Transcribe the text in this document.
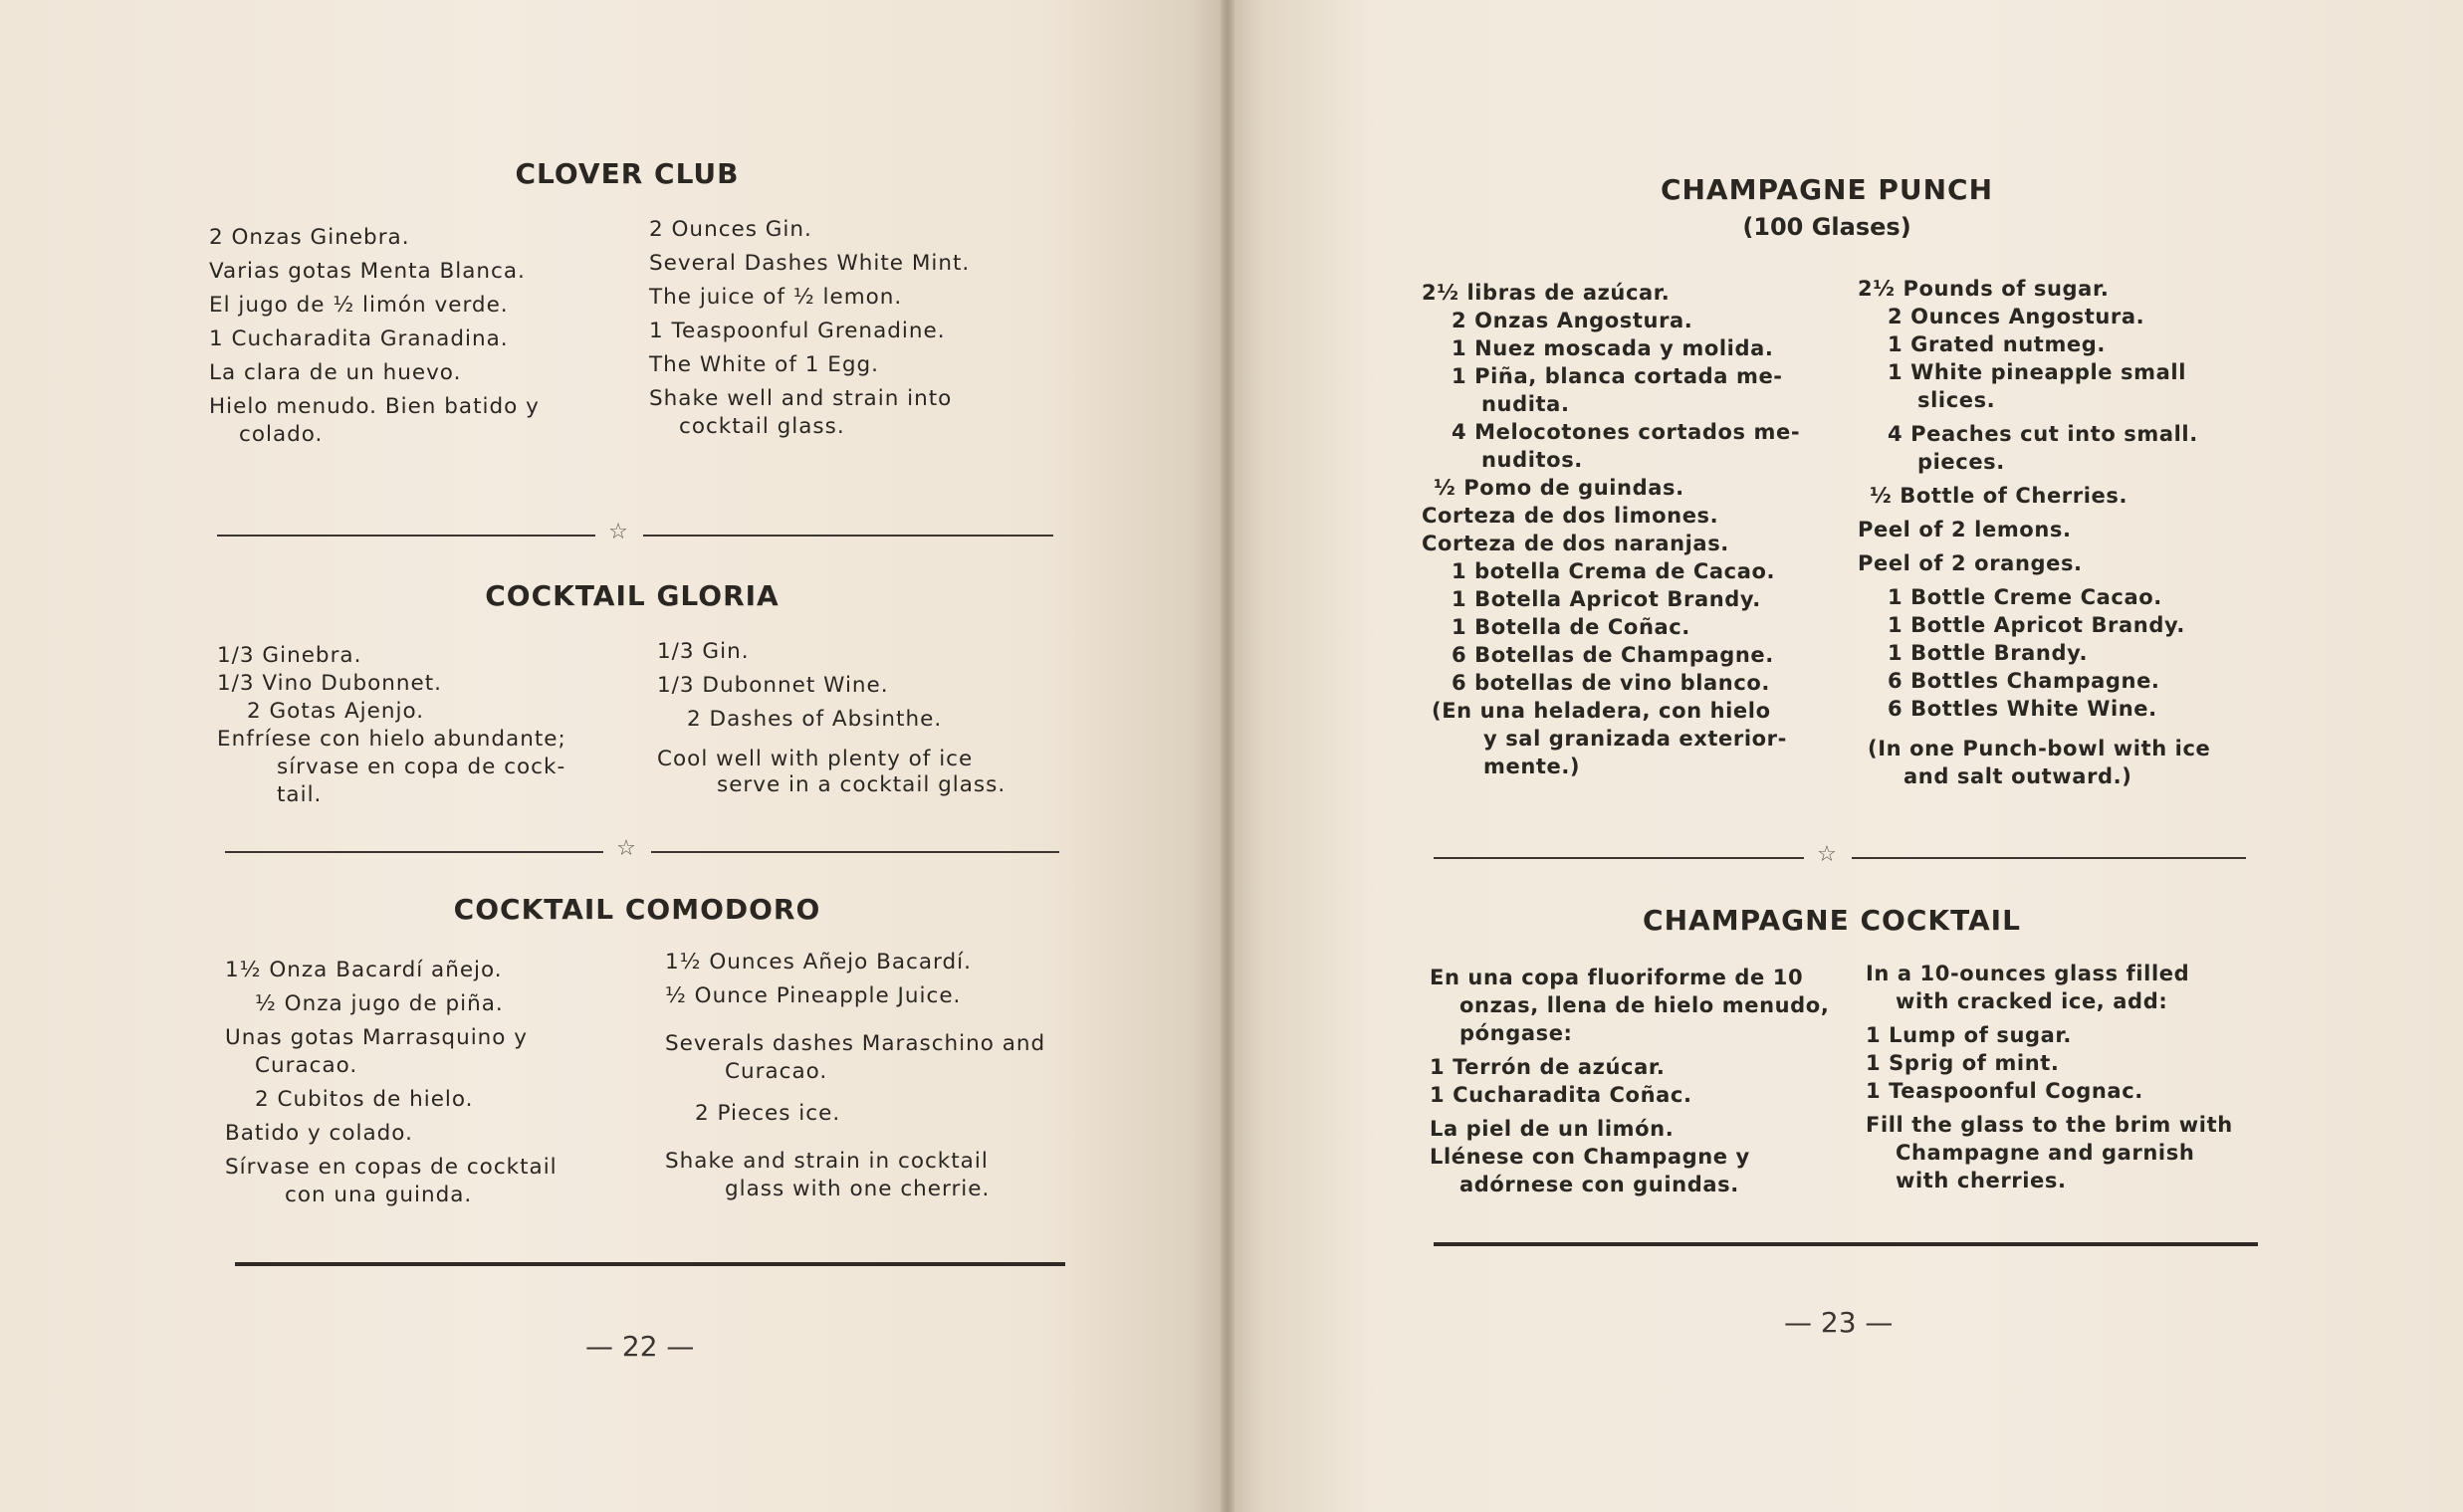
CLOVER CLUB
2 Onzas Ginebra.
Varias gotas Menta Blanca.
El jugo de ½ limón verde.
1 Cucharadita Granadina.
La clara de un huevo.
Hielo menudo. Bien batido y
colado.
2 Ounces Gin.
Several Dashes White Mint.
The juice of ½ lemon.
1 Teaspoonful Grenadine.
The White of 1 Egg.
Shake well and strain into
cocktail glass.
☆
COCKTAIL GLORIA
1/3 Ginebra.
1/3 Vino Dubonnet.
2 Gotas Ajenjo.
Enfríese con hielo abundante;
sírvase en copa de cock-
tail.
1/3 Gin.
1/3 Dubonnet Wine.
2 Dashes of Absinthe.
Cool well with plenty of ice
serve in a cocktail glass.
☆
COCKTAIL COMODORO
1½ Onza Bacardí añejo.
½ Onza jugo de piña.
Unas gotas Marrasquino y
Curacao.
2 Cubitos de hielo.
Batido y colado.
Sírvase en copas de cocktail
con una guinda.
1½ Ounces Añejo Bacardí.
½ Ounce Pineapple Juice.
Severals dashes Maraschino and
Curacao.
2 Pieces ice.
Shake and strain in cocktail
glass with one cherrie.
— 22 —
CHAMPAGNE PUNCH
(100 Glases)
2½ libras de azúcar.
2 Onzas Angostura.
1 Nuez moscada y molida.
1 Piña, blanca cortada me-
nudita.
4 Melocotones cortados me-
nuditos.
½ Pomo de guindas.
Corteza de dos limones.
Corteza de dos naranjas.
1 botella Crema de Cacao.
1 Botella Apricot Brandy.
1 Botella de Coñac.
6 Botellas de Champagne.
6 botellas de vino blanco.
(En una heladera, con hielo
y sal granizada exterior-
mente.)
2½ Pounds of sugar.
2 Ounces Angostura.
1 Grated nutmeg.
1 White pineapple small
slices.
4 Peaches cut into small.
pieces.
½ Bottle of Cherries.
Peel of 2 lemons.
Peel of 2 oranges.
1 Bottle Creme Cacao.
1 Bottle Apricot Brandy.
1 Bottle Brandy.
6 Bottles Champagne.
6 Bottles White Wine.
(In one Punch-bowl with ice
and salt outward.)
☆
CHAMPAGNE COCKTAIL
En una copa fluoriforme de 10
onzas, llena de hielo menudo,
póngase:
1 Terrón de azúcar.
1 Cucharadita Coñac.
La piel de un limón.
Llénese con Champagne y
adórnese con guindas.
In a 10-ounces glass filled
with cracked ice, add:
1 Lump of sugar.
1 Sprig of mint.
1 Teaspoonful Cognac.
Fill the glass to the brim with
Champagne and garnish
with cherries.
— 23 —
